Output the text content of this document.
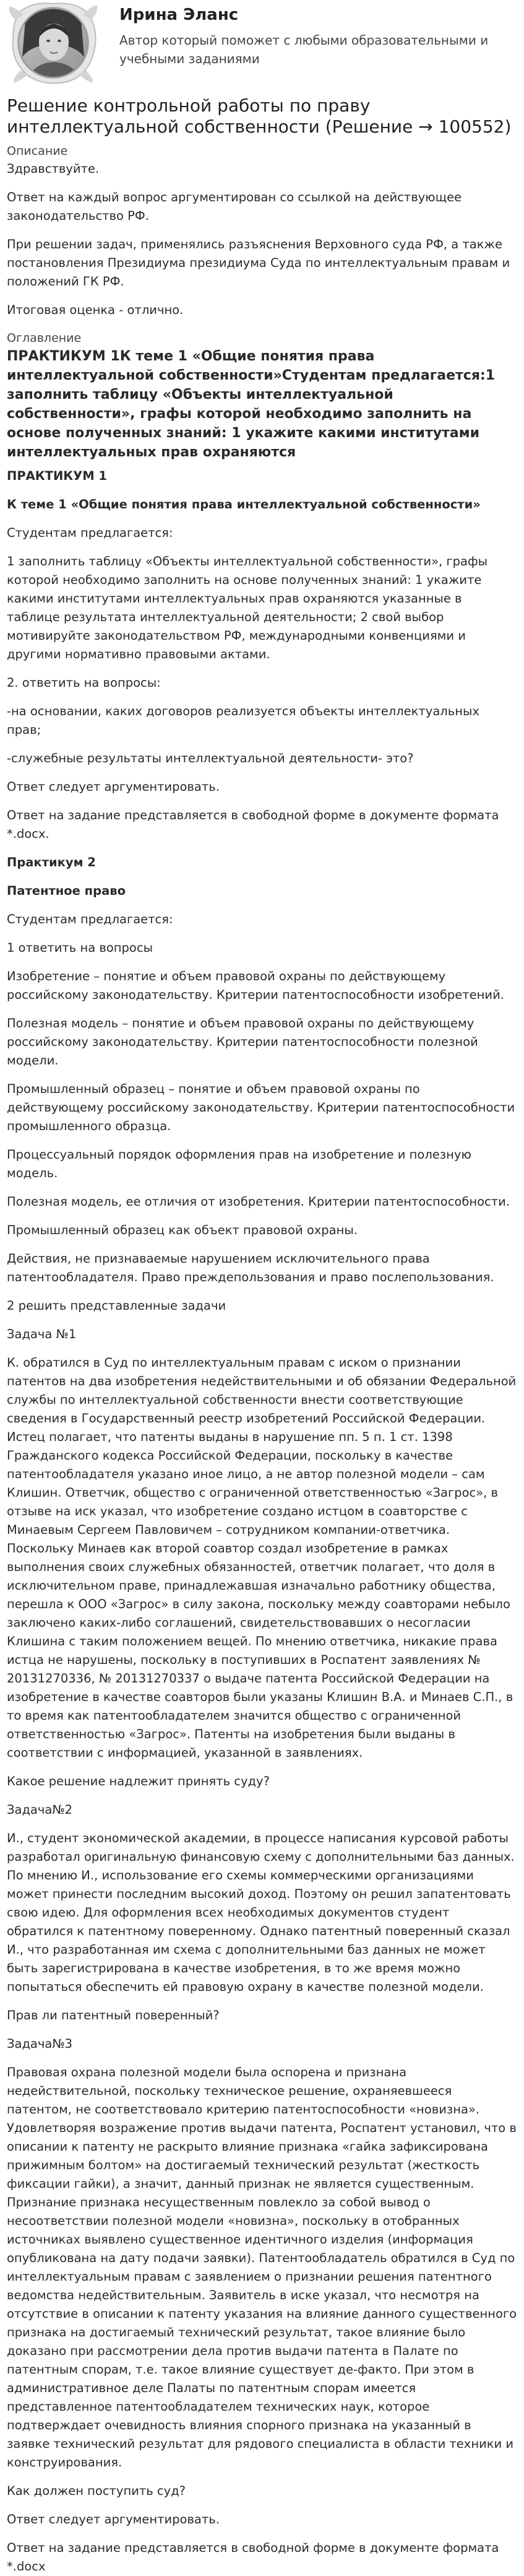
Ирина Эланс
Автор который поможет с любыми образовательными и учебными заданиями
Решение контрольной работы по праву интеллектуальной собственности (Решение → 100552)
Описание

Здравствуйте.

Ответ на каждый вопрос аргументирован со ссылкой на действующее законодательство РФ.

При решении задач, применялись разъяснения Верховного суда РФ, а также постановления Президиума президиума Суда по интеллектуальным правам и положений ГК РФ.

Итоговая оценка - отлично.

Оглавление
ПРАКТИКУМ 1К теме 1 «Общие понятия права интеллектуальной собственности»Студентам предлагается:1 заполнить таблицу «Объекты интеллектуальной собственности», графы которой необходимо заполнить на основе полученных знаний: 1 укажите какими институтами интеллектуальных прав охраняются

ПРАКТИКУМ 1

К теме 1 «Общие понятия права интеллектуальной собственности»

Студентам предлагается:

1 заполнить таблицу «Объекты интеллектуальной собственности», графы которой необходимо заполнить на основе полученных знаний: 1 укажите какими институтами интеллектуальных прав охраняются указанные в таблице результата интеллектуальной деятельности; 2 свой выбор мотивируйте законодательством РФ, международными конвенциями и другими нормативно правовыми актами.

2. ответить на вопросы:

-на основании, каких договоров реализуется объекты интеллектуальных прав;

-служебные результаты интеллектуальной деятельности- это?

Ответ следует аргументировать.

Ответ на задание представляется в свободной форме в документе формата *.docx.

Практикум 2

Патентное право

Студентам предлагается:

1 ответить на вопросы

Изобретение – понятие и объем правовой охраны по действующему российскому законодательству. Критерии патентоспособности изобретений.

Полезная модель – понятие и объем правовой охраны по действующему российскому законодательству. Критерии патентоспособности полезной модели.

Промышленный образец – понятие и объем правовой охраны по действующему российскому законодательству. Критерии патентоспособности промышленного образца.

Процессуальный порядок оформления прав на изобретение и полезную модель.

Полезная модель, ее отличия от изобретения. Критерии патентоспособности.

Промышленный образец как объект правовой охраны.

Действия, не признаваемые нарушением исключительного права патентообладателя. Право преждепользования и право послепользования.

2 решить представленные задачи

Задача №1

К. обратился в Суд по интеллектуальным правам с иском о признании патентов на два изобретения недействительными и об обязании Федеральной службы по интеллектуальной собственности внести соответствующие сведения в Государственный реестр изобретений Российской Федерации. Истец полагает, что патенты выданы в нарушение пп. 5 п. 1 ст. 1398 Гражданского кодекса Российской Федерации, поскольку в качестве патентообладателя указано иное лицо, а не автор полезной модели – сам Клишин. Ответчик, общество с ограниченной ответственностью «Загрос», в отзыве на иск указал, что изобретение создано истцом в соавторстве с Минаевым Сергеем Павловичем – сотрудником компании-ответчика. Поскольку Минаев как второй соавтор создал изобретение в рамках выполнения своих служебных обязанностей, ответчик полагает, что доля в исключительном праве, принадлежавшая изначально работнику общества, перешла к ООО «Загрос» в силу закона, поскольку между соавторами небыло заключено каких-либо соглашений, свидетельствовавших о несогласии Клишина с таким положением вещей. По мнению ответчика, никакие права истца не нарушены, поскольку в поступивших в Роспатент заявлениях № 20131270336, № 20131270337 о выдаче патента Российской Федерации на изобретение в качестве соавторов были указаны Клишин В.А. и Минаев С.П., в то время как патентообладателем значится общество с ограниченной ответственностью «Загрос». Патенты на изобретения были выданы в соответствии с информацией, указанной в заявлениях.

Какое решение надлежит принять суду?

Задача№2

И., студент экономической академии, в процессе написания курсовой работы разработал оригинальную финансовую схему с дополнительными баз данных. По мнению И., использование его схемы коммерческими организациями может принести последним высокий доход. Поэтому он решил запатентовать свою идею. Для оформления всех необходимых документов студент обратился к патентному поверенному. Однако патентный поверенный сказал И., что разработанная им схема с дополнительными баз данных не может быть зарегистрирована в качестве изобретения, в то же время можно попытаться обеспечить ей правовую охрану в качестве полезной модели.

Прав ли патентный поверенный?

Задача№3

Правовая охрана полезной модели была оспорена и признана недействительной, поскольку техническое решение, охраняевшееся патентом, не соответствовало критерию патентоспособности «новизна». Удовлетворяя возражение против выдачи патента, Роспатент установил, что в описании к патенту не раскрыто влияние признака «гайка зафиксирована прижимным болтом» на достигаемый технический результат (жесткость фиксации гайки), а значит, данный признак не является существенным. Признание признака несущественным повлекло за собой вывод о несоответствии полезной модели «новизна», поскольку в отобранных источниках выявлено существенное идентичного изделия (информация опубликована на дату подачи заявки). Патентообладатель обратился в Суд по интеллектуальным правам с заявлением о признании решения патентного ведомства недействительным. Заявитель в иске указал, что несмотря на отсутствие в описании к патенту указания на влияние данного существенного признака на достигаемый технический результат, такое влияние было доказано при рассмотрении дела против выдачи патента в Палате по патентным спорам, т.е. такое влияние существует де-факто. При этом в административное деле Палаты по патентным спорам имеется представленное патентообладателем технических наук, которое подтверждает очевидность влияния спорного признака на указанный в заявке технический результат для рядового специалиста в области техники и конструирования.

Как должен поступить суд?

Ответ следует аргументировать.

Ответ на задание представляется в свободной форме в документе формата *.docx
